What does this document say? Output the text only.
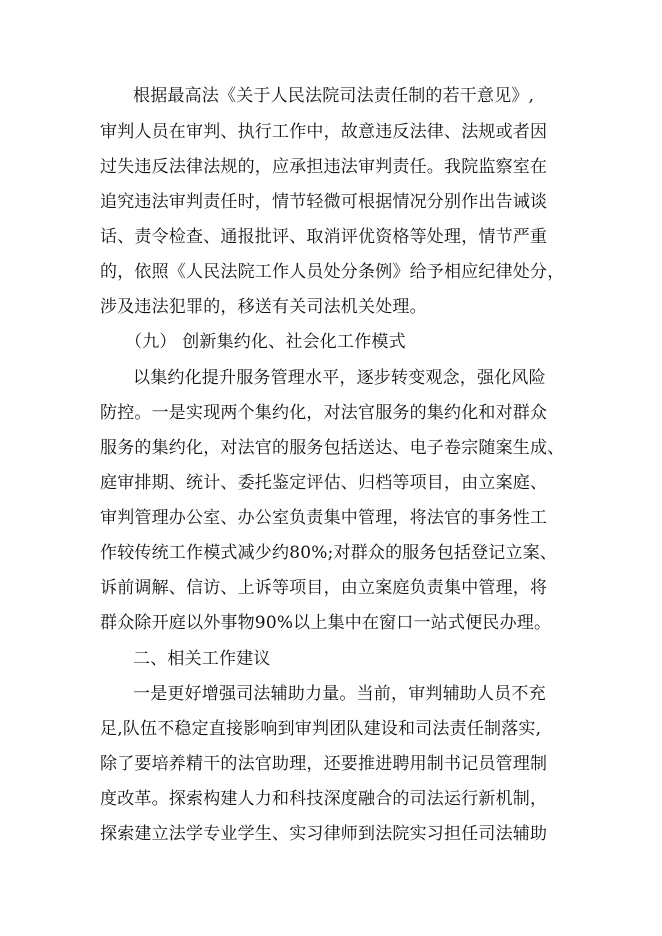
根据最高法《关于人民法院司法责任制的若干意见》,
审判人员在审判、执行工作中，故意违反法律、法规或者因
过失违反法律法规的，应承担违法审判责任。我院监察室在
追究违法审判责任时，情节轻微可根据情况分别作出告诫谈
话、责令检查、通报批评、取消评优资格等处理，情节严重
的，依照《人民法院工作人员处分条例》给予相应纪律处分，
涉及违法犯罪的，移送有关司法机关处理。
（九） 创新集约化、社会化工作模式
以集约化提升服务管理水平，逐步转变观念，强化风险
防控。一是实现两个集约化，对法官服务的集约化和对群众
服务的集约化，对法官的服务包括送达、电子卷宗随案生成、
庭审排期、统计、委托鉴定评估、归档等项目，由立案庭、
审判管理办公室、办公室负责集中管理，将法官的事务性工
作较传统工作模式减少约80%;对群众的服务包括登记立案、
诉前调解、信访、上诉等项目，由立案庭负责集中管理，将
群众除开庭以外事物90%以上集中在窗口一站式便民办理。
二、相关工作建议
一是更好增强司法辅助力量。当前，审判辅助人员不充
足,队伍不稳定直接影响到审判团队建设和司法责任制落实,
除了要培养精干的法官助理，还要推进聘用制书记员管理制
度改革。探索构建人力和科技深度融合的司法运行新机制，
探索建立法学专业学生、实习律师到法院实习担任司法辅助
